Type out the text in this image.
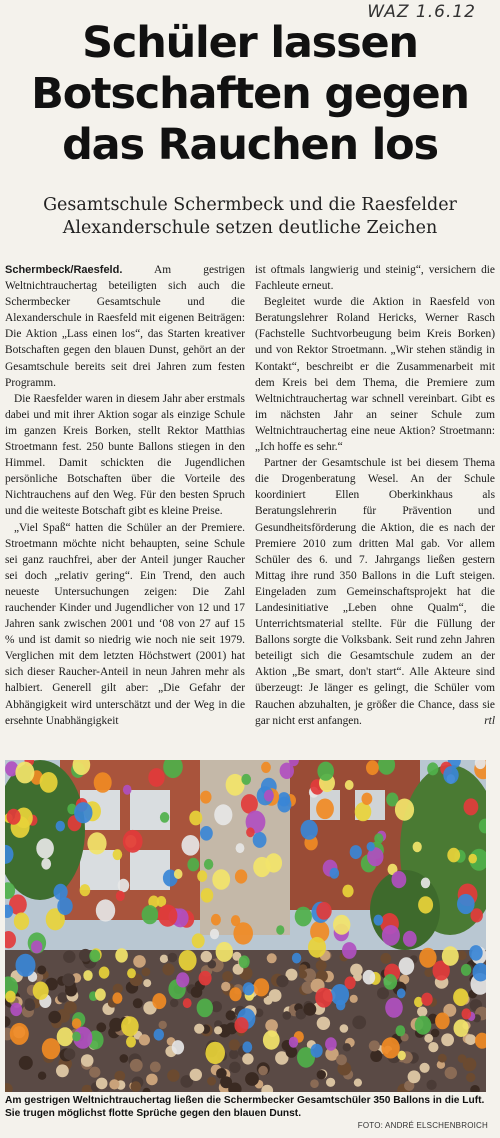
WAZ 1.6.12
Schüler lassen
Botschaften gegen
das Rauchen los
Gesamtschule Schermbeck und die Raesfelder
Alexanderschule setzen deutliche Zeichen

Schermbeck/Raesfeld.	Am gestrigen Weltnichtrauchertag beteiligten sich auch die Schermbecker Gesamtschule und die Alexanderschule in Raesfeld mit eigenen Beiträgen: Die Aktion „Lass einen los“, das Starten kreativer Botschaften gegen den blauen Dunst, gehört an der Gesamtschule bereits seit drei Jahren zum festen Programm.

Die Raesfelder waren in diesem Jahr aber erstmals dabei und mit ihrer Aktion sogar als einzige Schule im ganzen Kreis Borken, stellt Rektor Matthias Stroetmann fest. 250 bunte Ballons stiegen in den Himmel. Damit schickten die Jugendlichen persönliche Botschaften über die Vorteile des Nichtrauchens auf den Weg. Für den besten Spruch und die weiteste Botschaft gibt es kleine Preise.

„Viel Spaß“ hatten die Schüler an der Premiere. Stroetmann möchte nicht behaupten, seine Schule sei ganz rauchfrei, aber der Anteil junger Raucher sei doch „relativ gering“. Ein Trend, den auch neueste Untersuchungen zeigen: Die Zahl rauchender Kinder und Jugendlicher von 12 und 17 Jahren sank zwischen 2001 und ‘08 von 27 auf 15 % und ist damit so niedrig wie noch nie seit 1979. Verglichen mit dem letzten Höchstwert (2001) hat sich dieser Raucher-Anteil in neun Jahren mehr als halbiert. Generell gilt aber: „Die Gefahr der Abhängigkeit wird unterschätzt und der Weg in die ersehnte Unabhängigkeit

ist oftmals langwierig und steinig“, versichern die Fachleute erneut.

Begleitet wurde die Aktion in Raesfeld von Beratungslehrer Roland Hericks, Werner Rasch (Fachstelle Suchtvorbeugung beim Kreis Borken) und von Rektor Stroetmann. „Wir stehen ständig in Kontakt“, beschreibt er die Zusammenarbeit mit dem Kreis bei dem Thema, die Premiere zum Weltnichtrauchertag war schnell vereinbart. Gibt es im nächsten Jahr an seiner Schule zum Weltnichtrauchertag eine neue Aktion? Stroetmann: „Ich hoffe es sehr.“

Partner der Gesamtschule ist bei diesem Thema die Drogenberatung Wesel. An der Schule koordiniert Ellen Oberkinkhaus als Beratungslehrerin für Prävention und Gesundheitsförderung die Aktion, die es nach der Premiere 2010 zum dritten Mal gab. Vor allem Schüler des 6. und 7. Jahrgangs ließen gestern Mittag ihre rund 350 Ballons in die Luft steigen. Eingeladen zum Gemeinschaftsprojekt hat die Landesinitiative „Leben ohne Qualm“, die Unterrichtsmaterial stellte. Für die Füllung der Ballons sorgte die Volksbank. Seit rund zehn Jahren beteiligt sich die Gesamtschule zudem an der Aktion „Be smart, don't start“. Alle Akteure sind überzeugt: Je länger es gelingt, die Schüler vom Rauchen abzuhalten, je größer die Chance, dass sie gar nicht erst anfangen.	rtl

Am gestrigen Weltnichtrauchertag ließen die Schermbecker Gesamtschüler 350 Ballons in die Luft. Sie trugen möglichst flotte Sprüche gegen den blauen Dunst.
FOTO: ANDRÉ ELSCHENBROICH
